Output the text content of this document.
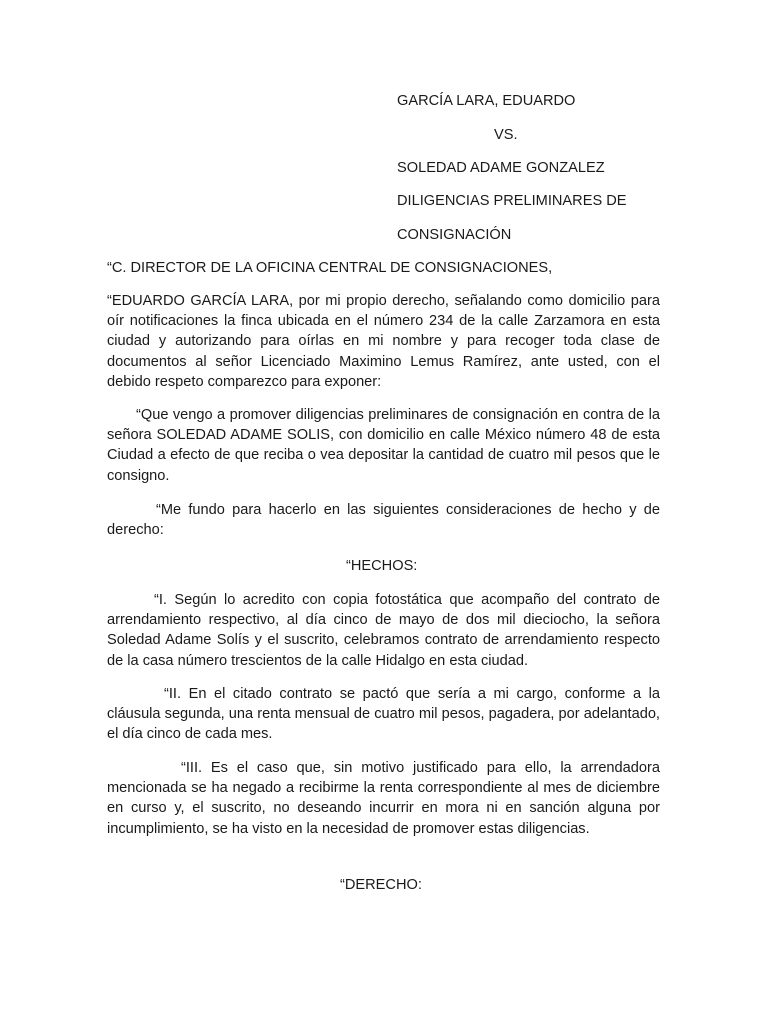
GARCÍA LARA, EDUARDO
VS.
SOLEDAD ADAME GONZALEZ
DILIGENCIAS PRELIMINARES DE
CONSIGNACIÓN
“C. DIRECTOR DE LA OFICINA CENTRAL DE CONSIGNACIONES,

“EDUARDO GARCÍA LARA, por mi propio derecho, señalando como domicilio para oír notificaciones la finca ubicada en el número 234 de la calle Zarzamora en esta ciudad y autorizando para oírlas en mi nombre y para recoger toda clase de documentos al señor Licenciado Maximino Lemus Ramírez, ante usted, con el debido respeto comparezco para exponer:

“Que vengo a promover diligencias preliminares de consignación en contra de la señora SOLEDAD ADAME SOLIS, con domicilio en calle México número 48 de esta Ciudad a efecto de que reciba o vea depositar la cantidad de cuatro mil pesos que le consigno.

“Me fundo para hacerlo en las siguientes consideraciones de hecho y de derecho:

“HECHOS:

“I. Según lo acredito con copia fotostática que acompaño del contrato de arrendamiento respectivo, al día cinco de mayo de dos mil dieciocho, la señora Soledad Adame Solís y el suscrito, celebramos contrato de arrendamiento respecto de la casa número trescientos de la calle Hidalgo en esta ciudad.

“II. En el citado contrato se pactó que sería a mi cargo, conforme a la cláusula segunda, una renta mensual de cuatro mil pesos, pagadera, por adelantado, el día cinco de cada mes.

“III. Es el caso que, sin motivo justificado para ello, la arrendadora mencionada se ha negado a recibirme la renta correspondiente al mes de diciembre en curso y, el suscrito, no deseando incurrir en mora ni en sanción alguna por incumplimiento, se ha visto en la necesidad de promover estas diligencias.

“DERECHO:
